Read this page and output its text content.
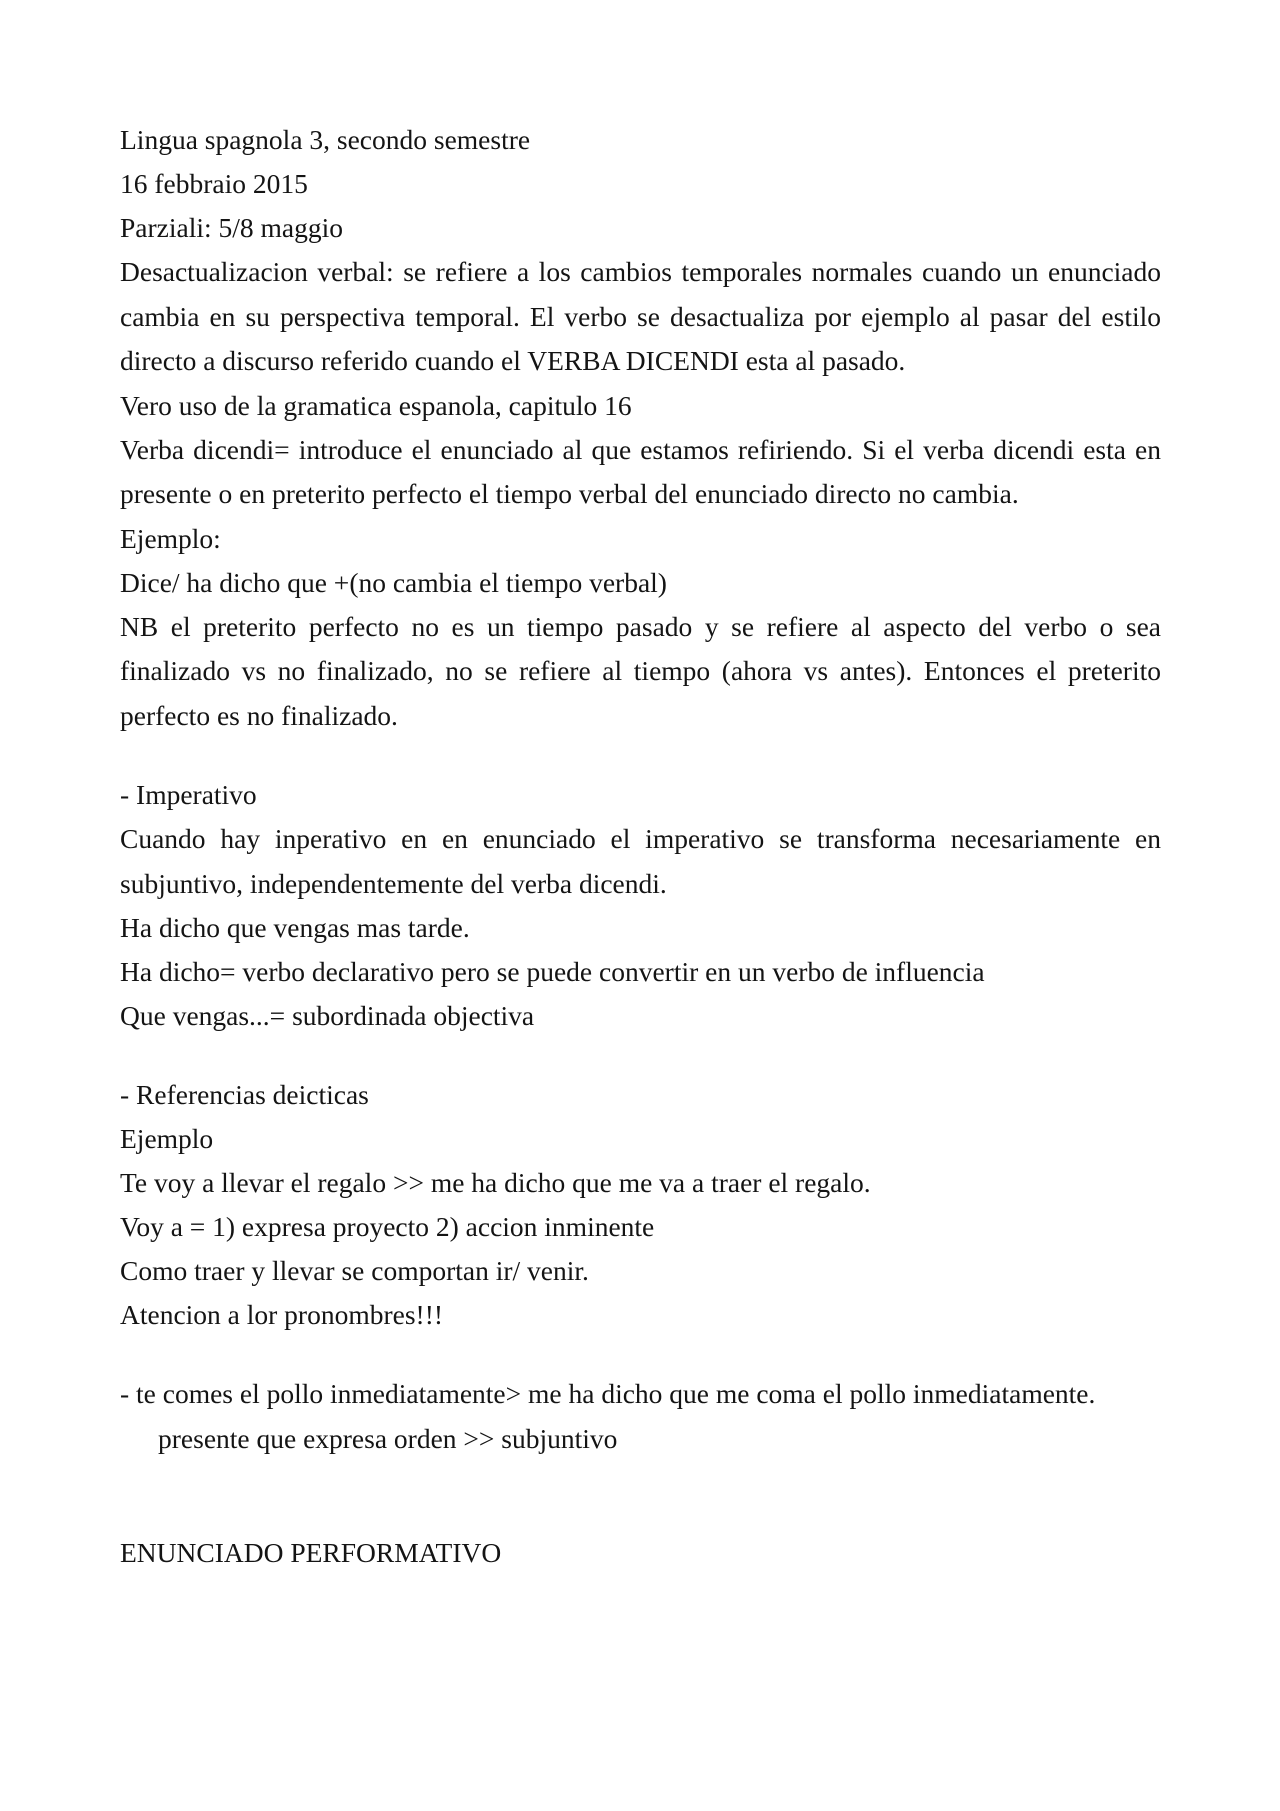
Lingua spagnola 3, secondo semestre
16 febbraio 2015
Parziali: 5/8 maggio
Desactualizacion verbal: se refiere a los cambios temporales normales cuando un enunciado cambia en su perspectiva temporal. El verbo se desactualiza por ejemplo al pasar del estilo directo a discurso referido cuando el VERBA DICENDI esta al pasado.
Vero uso de la gramatica espanola, capitulo 16
Verba dicendi= introduce el enunciado al que estamos refiriendo. Si el verba dicendi esta en presente o en preterito perfecto el tiempo verbal del enunciado directo no cambia.
Ejemplo:
Dice/ ha dicho que +(no cambia el tiempo verbal)
NB el preterito perfecto no es un tiempo pasado y se refiere al aspecto del verbo o sea finalizado vs no finalizado, no se refiere al tiempo (ahora vs antes). Entonces el preterito perfecto es no finalizado.
- Imperativo
Cuando hay inperativo en en enunciado el imperativo se transforma necesariamente en subjuntivo, independentemente del verba dicendi.
Ha dicho que vengas mas tarde.
Ha dicho= verbo declarativo pero se puede convertir en un verbo de influencia
Que vengas...= subordinada objectiva
- Referencias deicticas
Ejemplo
Te voy a llevar el regalo >> me ha dicho que me va a traer el regalo.
Voy a = 1) expresa proyecto 2) accion inminente
Como traer y llevar se comportan ir/ venir.
Atencion a lor pronombres!!!
- te comes el pollo inmediatamente> me ha dicho que me coma el pollo inmediatamente.
presente que expresa orden >> subjuntivo
ENUNCIADO PERFORMATIVO
